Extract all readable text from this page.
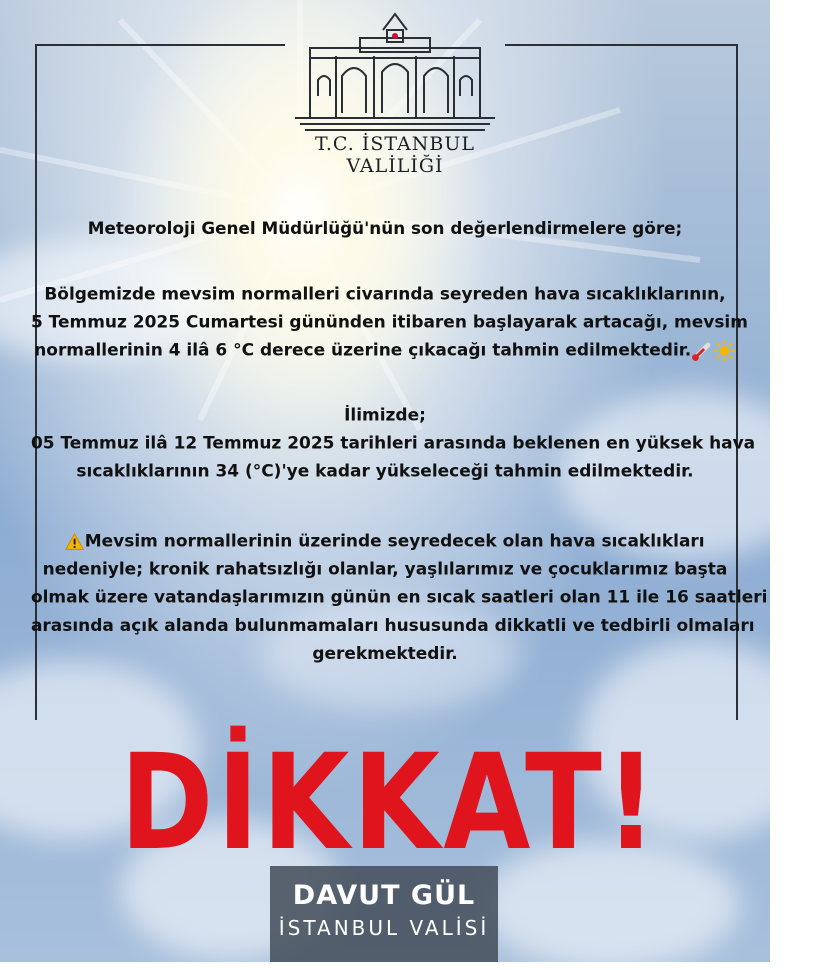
T.C. İSTANBUL VALİLİĞİ
Meteoroloji Genel Müdürlüğü'nün son değerlendirmelere göre;
Bölgemizde mevsim normalleri civarında seyreden hava sıcaklıklarının,
5 Temmuz 2025 Cumartesi gününden itibaren başlayarak artacağı, mevsim
normallerinin 4 ilâ 6 °C derece üzerine çıkacağı tahmin edilmektedir.
İlimizde;
05 Temmuz ilâ 12 Temmuz 2025 tarihleri arasında beklenen en yüksek hava
sıcaklıklarının 34 (°C)'ye kadar yükseleceği tahmin edilmektedir.
Mevsim normallerinin üzerinde seyredecek olan hava sıcaklıkları
nedeniyle; kronik rahatsızlığı olanlar, yaşlılarımız ve çocuklarımız başta
olmak üzere vatandaşlarımızın günün en sıcak saatleri olan 11 ile 16 saatleri
arasında açık alanda bulunmamaları hususunda dikkatli ve tedbirli olmaları
gerekmektedir.
DİKKAT!
DAVUT GÜL
İSTANBUL VALİSİ
